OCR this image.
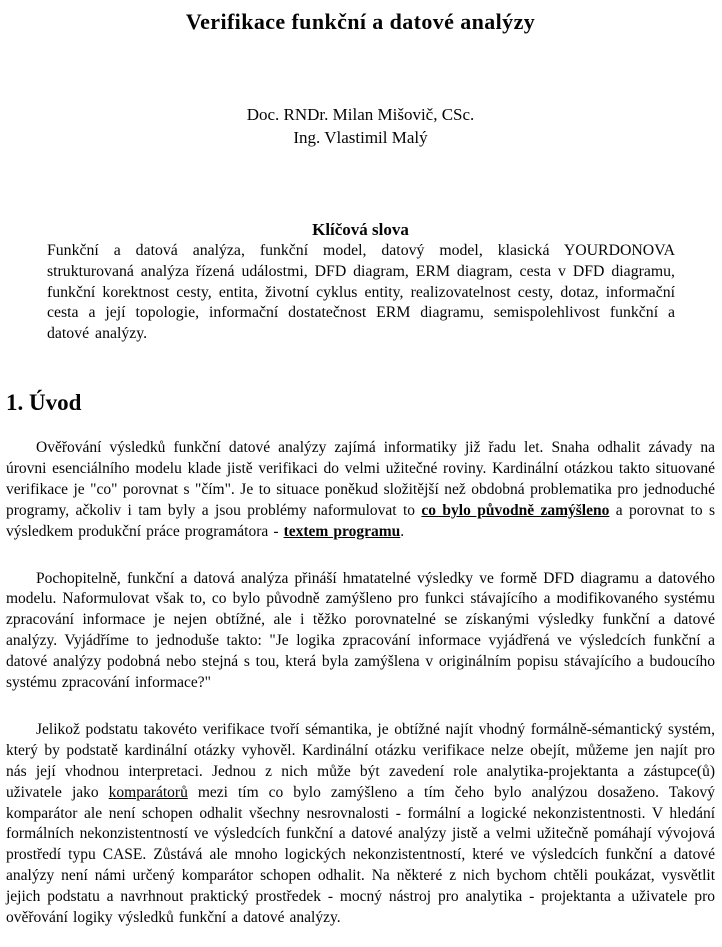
Verifikace funkční a datové analýzy
Doc. RNDr. Milan Mišovič, CSc.
Ing. Vlastimil Malý
Klíčová slova

Funkční a datová analýza, funkční model, datový model, klasická YOURDONOVA strukturovaná analýza řízená událostmi, DFD diagram, ERM diagram, cesta v DFD diagramu, funkční korektnost cesty, entita, životní cyklus entity, realizovatelnost cesty, dotaz, informační cesta a její topologie, informační dostatečnost ERM diagramu, semispolehlivost funkční a datové analýzy.

1. Úvod

Ověřování výsledků funkční datové analýzy zajímá informatiky již řadu let. Snaha odhalit závady na úrovni esenciálního modelu klade jistě verifikaci do velmi užitečné roviny. Kardinální otázkou takto situované verifikace je "co" porovnat s "čím". Je to situace poněkud složitější než obdobná problematika pro jednoduché programy, ačkoliv i tam byly a jsou problémy naformulovat to co bylo původně zamýšleno a porovnat to s výsledkem produkční práce programátora - textem programu.

Pochopitelně, funkční a datová analýza přináší hmatatelné výsledky ve formě DFD diagramu a datového modelu. Naformulovat však to, co bylo původně zamýšleno pro funkci stávajícího a modifikovaného systému zpracování informace je nejen obtížné, ale i těžko porovnatelné se získanými výsledky funkční a datové analýzy. Vyjádříme to jednoduše takto: "Je logika zpracování informace vyjádřená ve výsledcích funkční a datové analýzy podobná nebo stejná s tou, která byla zamýšlena v originálním popisu stávajícího a budoucího systému zpracování informace?"

Jelikož podstatu takovéto verifikace tvoří sémantika, je obtížné najít vhodný formálně-sémantický systém, který by podstatě kardinální otázky vyhověl. Kardinální otázku verifikace nelze obejít, můžeme jen najít pro nás její vhodnou interpretaci. Jednou z nich může být zavedení role analytika-projektanta a zástupce(ů) uživatele jako komparátorů mezi tím co bylo zamýšleno a tím čeho bylo analýzou dosaženo. Takový komparátor ale není schopen odhalit všechny nesrovnalosti - formální a logické nekonzistentnosti. V hledání formálních nekonzistentností ve výsledcích funkční a datové analýzy jistě a velmi užitečně pomáhají vývojová prostředí typu CASE. Zůstává ale mnoho logických nekonzistentností, které ve výsledcích funkční a datové analýzy není námi určený komparátor schopen odhalit. Na některé z nich bychom chtěli poukázat, vysvětlit jejich podstatu a navrhnout praktický prostředek - mocný nástroj pro analytika - projektanta a uživatele pro ověřování logiky výsledků funkční a datové analýzy.
